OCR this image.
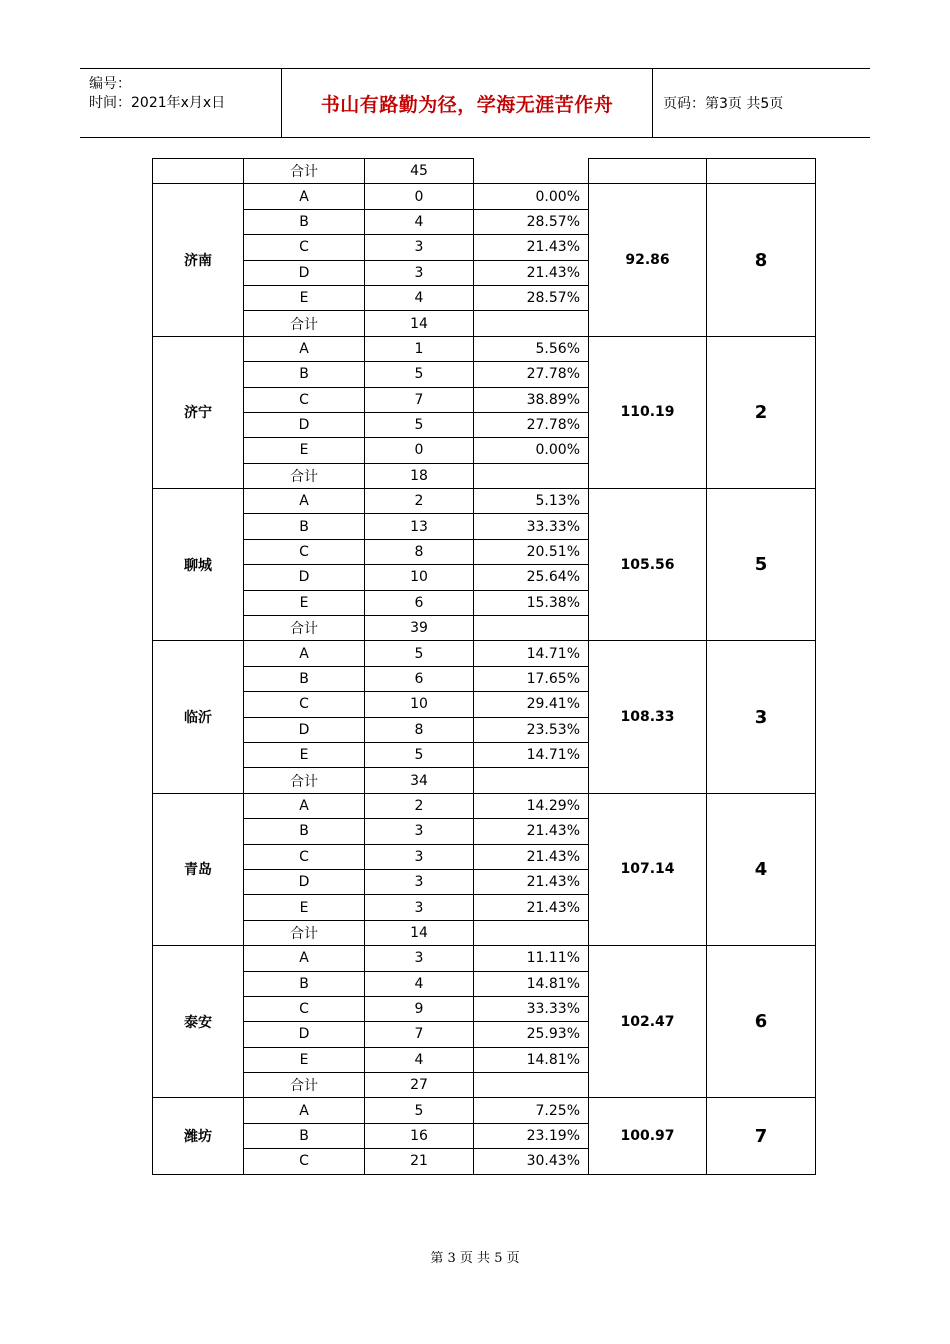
编号：
时间：2021年x月x日	书山有路勤为径，学海无涯苦作舟	页码：第3页 共5页
	合计	45			
济南	A	0	0.00%	92.86	8
	B	4	28.57%		
	C	3	21.43%		
	D	3	21.43%		
	E	4	28.57%		
	合计	14			
济宁	A	1	5.56%	110.19	2
	B	5	27.78%		
	C	7	38.89%		
	D	5	27.78%		
	E	0	0.00%		
	合计	18			
聊城	A	2	5.13%	105.56	5
	B	13	33.33%		
	C	8	20.51%		
	D	10	25.64%		
	E	6	15.38%		
	合计	39			
临沂	A	5	14.71%	108.33	3
	B	6	17.65%		
	C	10	29.41%		
	D	8	23.53%		
	E	5	14.71%		
	合计	34			
青岛	A	2	14.29%	107.14	4
	B	3	21.43%		
	C	3	21.43%		
	D	3	21.43%		
	E	3	21.43%		
	合计	14			
泰安	A	3	11.11%	102.47	6
	B	4	14.81%		
	C	9	33.33%		
	D	7	25.93%		
	E	4	14.81%		
	合计	27			
潍坊	A	5	7.25%	100.97	7
	B	16	23.19%		
	C	21	30.43%		
第 3 页 共 5 页
